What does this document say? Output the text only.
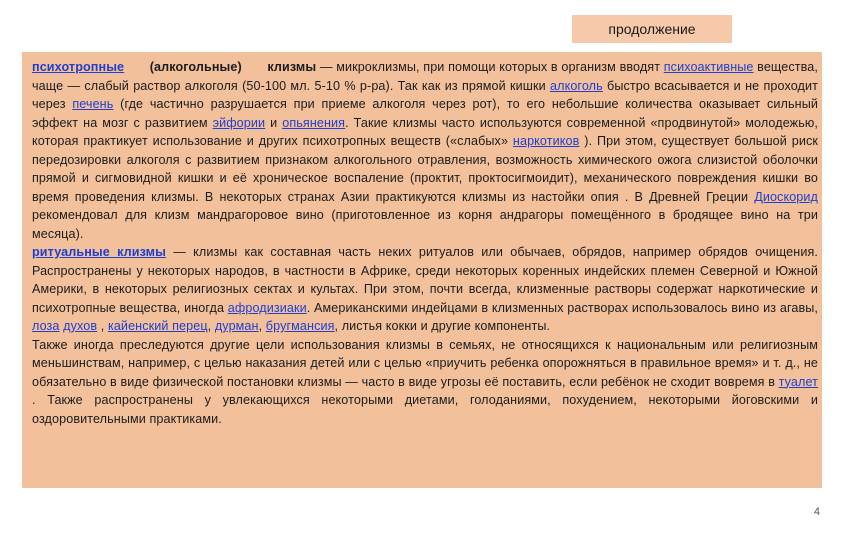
продолжение

психотропные (алкогольные) клизмы — микроклизмы, при помощи которых в организм вводят психоактивные вещества, чаще — слабый раствор алкоголя (50-100 мл. 5-10 % р-ра). Так как из прямой кишки алкоголь быстро всасывается и не проходит через печень (где частично разрушается при приеме алкоголя через рот), то его небольшие количества оказывает сильный эффект на мозг с развитием эйфории и опьянения. Такие клизмы часто используются современной «продвинутой» молодежью, которая практикует использование и других психотропных веществ («слабых» наркотиков ). При этом, существует большой риск передозировки алкоголя с развитием признаком алкогольного отравления, возможность химического ожога слизистой оболочки прямой и сигмовидной кишки и её хроническое воспаление (проктит, проктосигмоидит), механического повреждения кишки во время проведения клизмы. В некоторых странах Азии практикуются клизмы из настойки опия . В Древней Греции Диоскорид рекомендовал для клизм мандрагоровое вино (приготовленное из корня андрагоры помещённого в бродящее вино на три месяца).

ритуальные клизмы — клизмы как составная часть неких ритуалов или обычаев, обрядов, например обрядов очищения. Распространены у некоторых народов, в частности в Африке, среди некоторых коренных индейских племен Северной и Южной Америки, в некоторых религиозных сектах и культах. При этом, почти всегда, клизменные растворы содержат наркотические и психотропные вещества, иногда афродизиаки. Американскими индейцами в клизменных растворах использовалось вино из агавы, лоза духов , кайенский перец, дурман, бругмансия, листья кокки и другие компоненты.

Также иногда преследуются другие цели использования клизмы в семьях, не относящихся к национальным или религиозным меньшинствам, например, с целью наказания детей или с целью «приучить ребенка опорожняться в правильное время» и т. д., не обязательно в виде физической постановки клизмы — часто в виде угрозы её поставить, если ребёнок не сходит вовремя в туалет . Также распространены у увлекающихся некоторыми диетами, голоданиями, похудением, некоторыми йоговскими и оздоровительными практиками.

4
